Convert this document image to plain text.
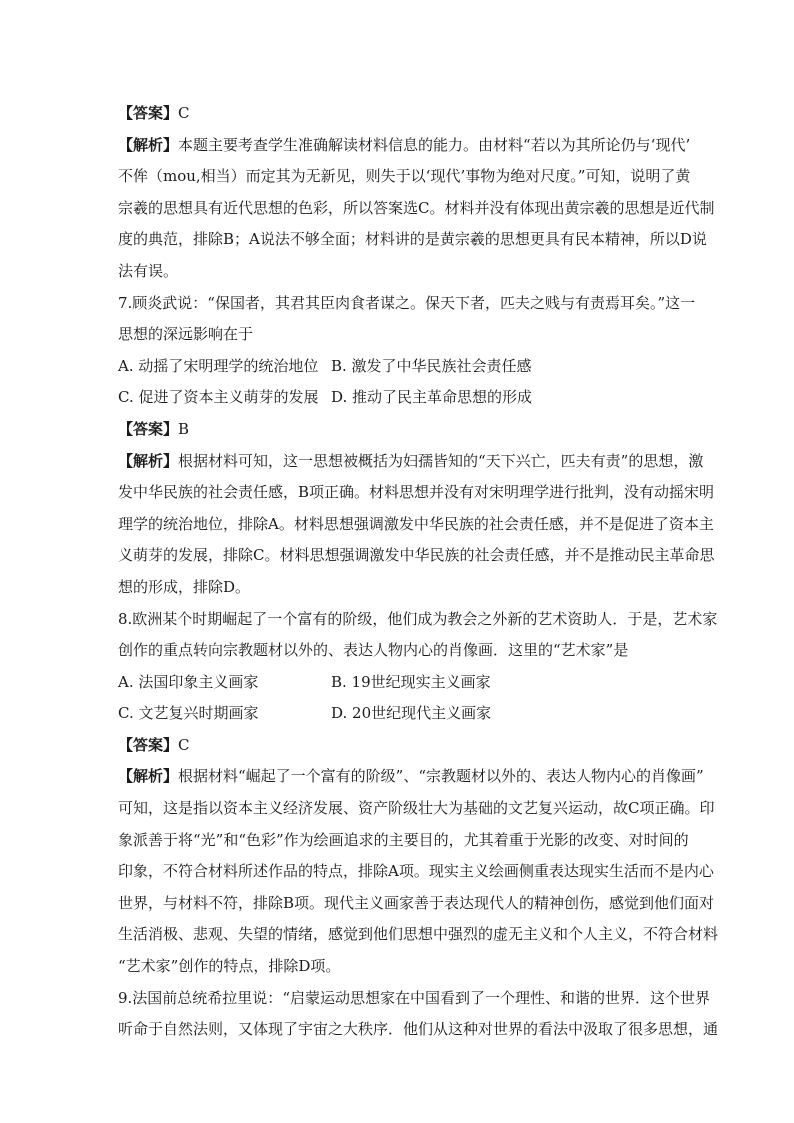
【答案】C
【解析】本题主要考查学生准确解读材料信息的能力。由材料“若以为其所论仍与‘现代’
不侔（mou,相当）而定其为无新见，则失于以‘现代’事物为绝对尺度。”可知，说明了黄
宗羲的思想具有近代思想的色彩，所以答案选C。材料并没有体现出黄宗羲的思想是近代制
度的典范，排除B；A说法不够全面；材料讲的是黄宗羲的思想更具有民本精神，所以D说
法有误。
7.顾炎武说：“保国者，其君其臣肉食者谋之。保天下者，匹夫之贱与有责焉耳矣。”这一
思想的深远影响在于
A. 动摇了宋明理学的统治地位 B. 激发了中华民族社会责任感
C. 促进了资本主义萌芽的发展 D. 推动了民主革命思想的形成
【答案】B
【解析】根据材料可知，这一思想被概括为妇孺皆知的“天下兴亡，匹夫有责”的思想，激
发中华民族的社会责任感，B项正确。材料思想并没有对宋明理学进行批判，没有动摇宋明
理学的统治地位，排除A。材料思想强调激发中华民族的社会责任感，并不是促进了资本主
义萌芽的发展，排除C。材料思想强调激发中华民族的社会责任感，并不是推动民主革命思
想的形成，排除D。
8.欧洲某个时期崛起了一个富有的阶级，他们成为教会之外新的艺术资助人．于是，艺术家
创作的重点转向宗教题材以外的、表达人物内心的肖像画．这里的“艺术家”是
A. 法国印象主义画家	B. 19世纪现实主义画家
C. 文艺复兴时期画家	D. 20世纪现代主义画家
【答案】C
【解析】根据材料“崛起了一个富有的阶级”、“宗教题材以外的、表达人物内心的肖像画”
可知，这是指以资本主义经济发展、资产阶级壮大为基础的文艺复兴运动，故C项正确。印
象派善于将“光”和“色彩”作为绘画追求的主要目的，尤其着重于光影的改变、对时间的
印象，不符合材料所述作品的特点，排除A项。现实主义绘画侧重表达现实生活而不是内心
世界，与材料不符，排除B项。现代主义画家善于表达现代人的精神创伤，感觉到他们面对
生活消极、悲观、失望的情绪，感觉到他们思想中强烈的虚无主义和个人主义，不符合材料
“艺术家”创作的特点，排除D项。
9.法国前总统希拉里说：“启蒙运动思想家在中国看到了一个理性、和谐的世界．这个世界
听命于自然法则，又体现了宇宙之大秩序．他们从这种对世界的看法中汲取了很多思想，通
